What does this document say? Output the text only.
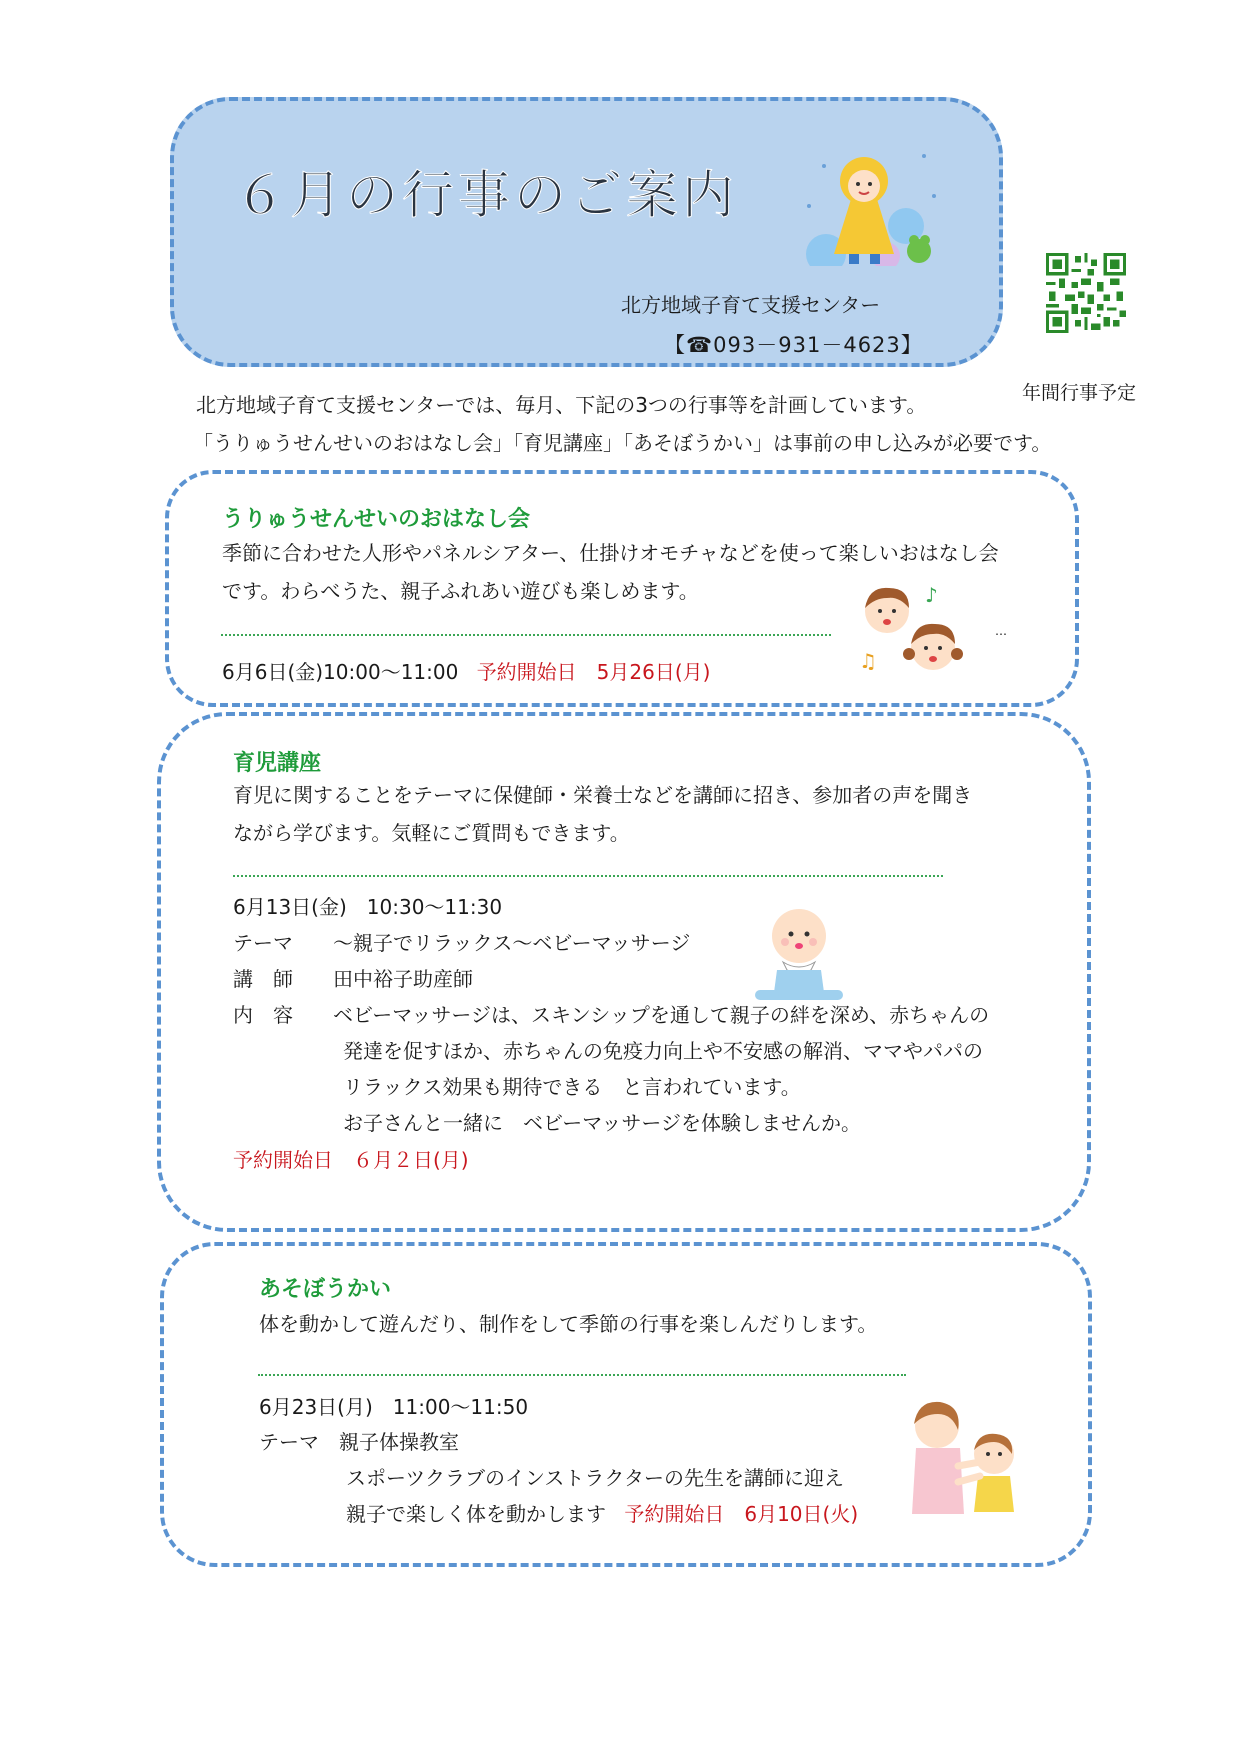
６月の行事のご案内
北方地域子育て支援センター
【☎093－931－4623】
年間行事予定
北方地域子育て支援センターでは、毎月、下記の3つの行事等を計画しています。
「うりゅうせんせいのおはなし会」「育児講座」「あそぼうかい」は事前の申し込みが必要です。
うりゅうせんせいのおはなし会
季節に合わせた人形やパネルシアター、仕掛けオモチャなどを使って楽しいおはなし会
です。わらべうた、親子ふれあい遊びも楽しめます。
6月6日(金)10:00～11:00 予約開始日　5月26日(月)
…
♪
♫
育児講座
育児に関することをテーマに保健師・栄養士などを講師に招き、参加者の声を聞き
ながら学びます。気軽にご質問もできます。
6月13日(金)　10:30～11:30
テーマ ～親子でリラックス～ベビーマッサージ
講　師 田中裕子助産師
内　容 ベビーマッサージは、スキンシップを通して親子の絆を深め、赤ちゃんの
発達を促すほか、赤ちゃんの免疫力向上や不安感の解消、ママやパパの
リラックス効果も期待できる　と言われています。
お子さんと一緒に　ベビーマッサージを体験しませんか。
予約開始日　６月２日(月)
あそぼうかい
体を動かして遊んだり、制作をして季節の行事を楽しんだりします。
6月23日(月)　11:00～11:50
テーマ　親子体操教室
スポーツクラブのインストラクターの先生を講師に迎え
親子で楽しく体を動かします 予約開始日　6月10日(火)
